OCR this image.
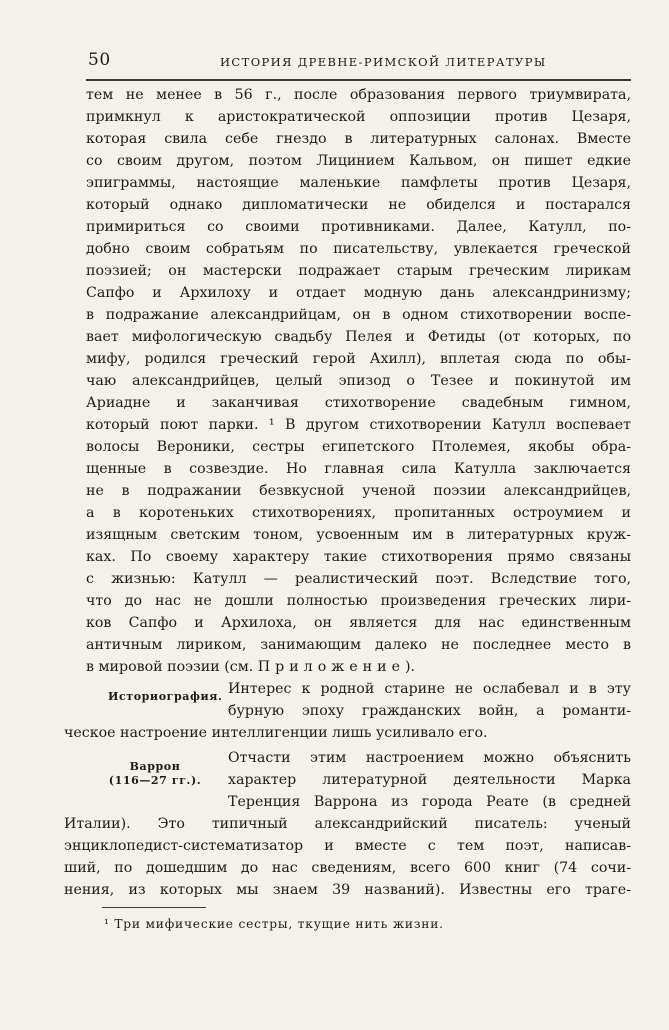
50	ИСТОРИЯ ДРЕВНЕ-РИМСКОЙ ЛИТЕРАТУРЫ
тем не менее в 56 г., после образования первого триумвирата,
примкнул к аристократической оппозиции против Цезаря,
которая свила себе гнездо в литературных салонах. Вместе
со своим другом, поэтом Лицинием Кальвом, он пишет едкие
эпиграммы, настоящие маленькие памфлеты против Цезаря,
который однако дипломатически не обиделся и постарался
примириться со своими противниками. Далее, Катулл, по-
добно своим собратьям по писательству, увлекается греческой
поэзией; он мастерски подражает старым греческим лирикам
Сапфо и Архилоху и отдает модную дань александринизму;
в подражание александрийцам, он в одном стихотворении воспе-
вает мифологическую свадьбу Пелея и Фетиды (от которых, по
мифу, родился греческий герой Ахилл), вплетая сюда по обы-
чаю александрийцев, целый эпизод о Тезее и покинутой им
Ариадне и заканчивая стихотворение свадебным гимном,
который поют парки. ¹ В другом стихотворении Катулл воспевает
волосы Вероники, сестры египетского Птолемея, якобы обра-
щенные в созвездие. Но главная сила Катулла заключается
не в подражании безвкусной ученой поэзии александрийцев,
а в коротеньких стихотворениях, пропитанных остроумием и
изящным светским тоном, усвоенным им в литературных круж-
ках. По своему характеру такие стихотворения прямо связаны
с жизнью: Катулл — реалистический поэт. Вследствие того,
что до нас не дошли полностью произведения греческих лири-
ков Сапфо и Архилоха, он является для нас единственным
античным лириком, занимающим далеко не последнее место в
в мировой поэзии (см. Приложение).
Историография. Интерес к родной старине не ослабевал и в эту
бурную эпоху гражданских войн, а романти-
ческое настроение интеллигенции лишь усиливало его.
Варрон
(116—27 гг.).
Отчасти этим настроением можно объяснить
характер литературной деятельности Марка
Теренция Варрона из города Реате (в средней
Италии). Это типичный александрийский писатель: ученый
энциклопедист-систематизатор и вместе с тем поэт, написав-
ший, по дошедшим до нас сведениям, всего 600 книг (74 сочи-
нения, из которых мы знаем 39 названий). Известны его траге-
¹ Три мифические сестры, ткущие нить жизни.
